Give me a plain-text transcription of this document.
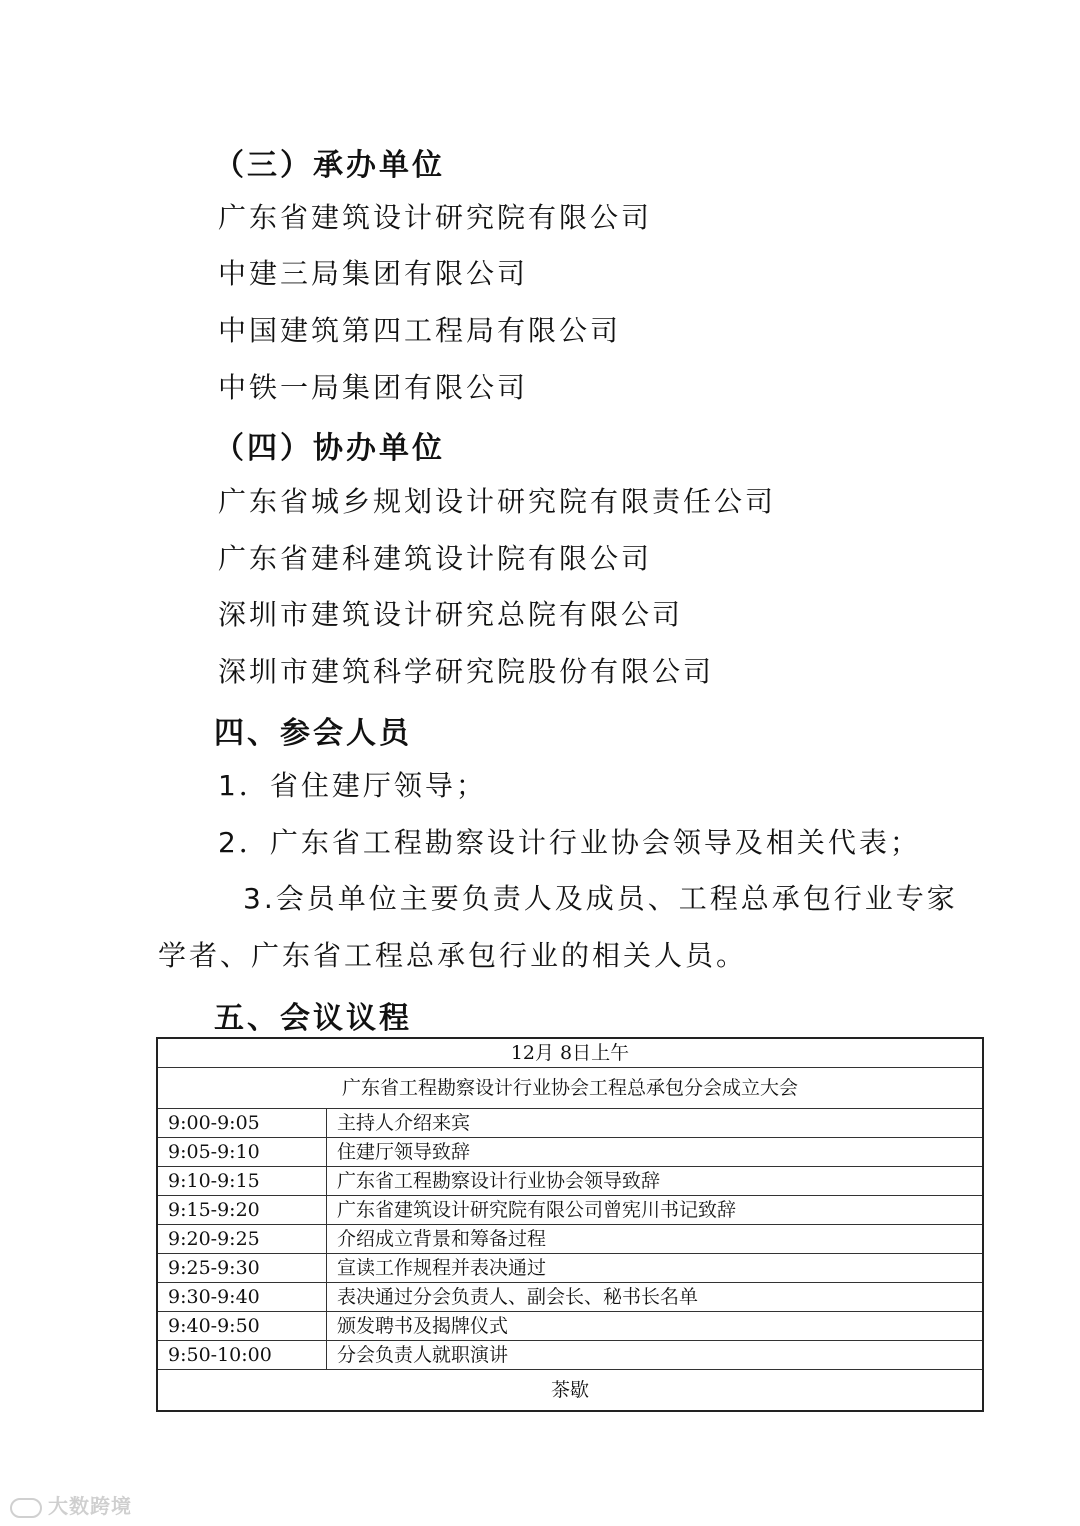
（三）承办单位
广东省建筑设计研究院有限公司
中建三局集团有限公司
中国建筑第四工程局有限公司
中铁一局集团有限公司
（四）协办单位
广东省城乡规划设计研究院有限责任公司
广东省建科建筑设计院有限公司
深圳市建筑设计研究总院有限公司
深圳市建筑科学研究院股份有限公司
四、参会人员
1．省住建厅领导；
2．广东省工程勘察设计行业协会领导及相关代表；
3.会员单位主要负责人及成员、工程总承包行业专家
学者、广东省工程总承包行业的相关人员。
五、会议议程
12月 8日上午	
广东省工程勘察设计行业协会工程总承包分会成立大会	
9:00-9:05	主持人介绍来宾
9:05-9:10	住建厅领导致辞
9:10-9:15	广东省工程勘察设计行业协会领导致辞
9:15-9:20	广东省建筑设计研究院有限公司曾宪川书记致辞
9:20-9:25	介绍成立背景和筹备过程
9:25-9:30	宣读工作规程并表决通过
9:30-9:40	表决通过分会负责人、副会长、秘书长名单
9:40-9:50	颁发聘书及揭牌仪式
9:50-10:00	分会负责人就职演讲
茶歇	
大数跨境
